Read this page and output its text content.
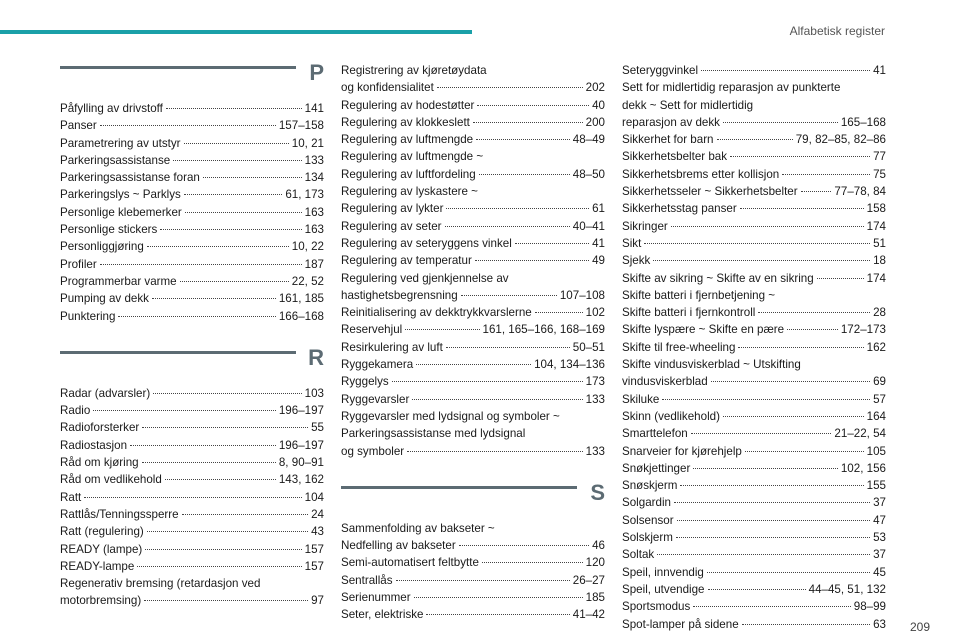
Alfabetisk register
P
Påfylling av drivstoff	141
Panser	157–158
Parametrering av utstyr	10, 21
Parkeringsassistanse	133
Parkeringsassistanse foran	134
Parkeringslys ~ Parklys	61, 173
Personlige klebemerker	163
Personlige stickers	163
Personliggjøring	10, 22
Profiler	187
Programmerbar varme	22, 52
Pumping av dekk	161, 185
Punktering	166–168
R
Radar (advarsler)	103
Radio	196–197
Radioforsterker	55
Radiostasjon	196–197
Råd om kjøring	8, 90–91
Råd om vedlikehold	143, 162
Ratt	104
Rattlås/Tenningssperre	24
Ratt (regulering)	43
READY (lampe)	157
READY-lampe	157
Regenerativ bremsing (retardasjon ved
motorbremsing)	97
Registrering av kjøretøydata
og konfidensialitet	202
Regulering av hodestøtter	40
Regulering av klokkeslett	200
Regulering av luftmengde	48–49
Regulering av luftmengde ~
Regulering av luftfordeling	48–50
Regulering av lyskastere ~
Regulering av lykter	61
Regulering av seter	40–41
Regulering av seteryggens vinkel	41
Regulering av temperatur	49
Regulering ved gjenkjennelse av
hastighetsbegrensning	107–108
Reinitialisering av dekktrykkvarslerne	102
Reservehjul	161, 165–166, 168–169
Resirkulering av luft	50–51
Ryggekamera	104, 134–136
Ryggelys	173
Ryggevarsler	133
Ryggevarsler med lydsignal og symboler ~
Parkeringsassistanse med lydsignal
og symboler	133
S
Sammenfolding av bakseter ~
Nedfelling av bakseter	46
Semi-automatisert feltbytte	120
Sentrallås	26–27
Serienummer	185
Seter, elektriske	41–42
Seteryggvinkel	41
Sett for midlertidig reparasjon av punkterte
dekk ~ Sett for midlertidig
reparasjon av dekk	165–168
Sikkerhet for barn	79, 82–85, 82–86
Sikkerhetsbelter bak	77
Sikkerhetsbrems etter kollisjon	75
Sikkerhetsseler ~ Sikkerhetsbelter	77–78, 84
Sikkerhetsstag panser	158
Sikringer	174
Sikt	51
Sjekk	18
Skifte av sikring ~ Skifte av en sikring	174
Skifte batteri i fjernbetjening ~
Skifte batteri i fjernkontroll	28
Skifte lyspære ~ Skifte en pære	172–173
Skifte til free-wheeling	162
Skifte vindusviskerblad ~ Utskifting
vindusviskerblad	69
Skiluke	57
Skinn (vedlikehold)	164
Smarttelefon	21–22, 54
Snarveier for kjørehjelp	105
Snøkjettinger	102, 156
Snøskjerm	155
Solgardin	37
Solsensor	47
Solskjerm	53
Soltak	37
Speil, innvendig	45
Speil, utvendige	44–45, 51, 132
Sportsmodus	98–99
Spot-lamper på sidene	63 209
